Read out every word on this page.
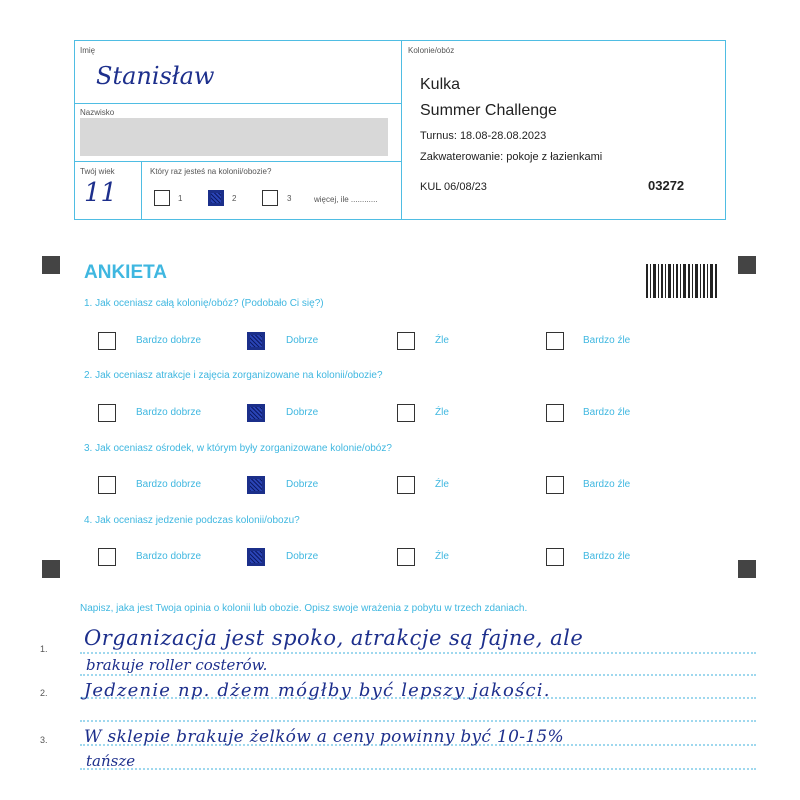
Imię
Stanisław
Nazwisko
Twój wiek
11
Który raz jesteś na kolonii/obozie?
1	2	3	więcej, ile ............
Kolonie/obóz
Kulka
Summer Challenge
Turnus: 18.08-28.08.2023
Zakwaterowanie: pokoje z łazienkami
KUL 06/08/23	03272
ANKIETA
1. Jak oceniasz całą kolonię/obóz? (Podobało Ci się?)
Bardzo dobrze	Dobrze	Źle	Bardzo źle
2. Jak oceniasz atrakcje i zajęcia zorganizowane na kolonii/obozie?
Bardzo dobrze	Dobrze	Źle	Bardzo źle
3. Jak oceniasz ośrodek, w którym były zorganizowane kolonie/obóz?
Bardzo dobrze	Dobrze	Źle	Bardzo źle
4. Jak oceniasz jedzenie podczas kolonii/obozu?
Bardzo dobrze	Dobrze	Źle	Bardzo źle
Napisz, jaka jest Twoja opinia o kolonii lub obozie. Opisz swoje wrażenia z pobytu w trzech zdaniach.
1.
2.
3.
Organizacja jest spoko, atrakcje są fajne, ale
brakuje roller costerów.
Jedzenie np. dżem mógłby być lepszy jakości.
W sklepie brakuje żelków a ceny powinny być 10-15%
tańsze
